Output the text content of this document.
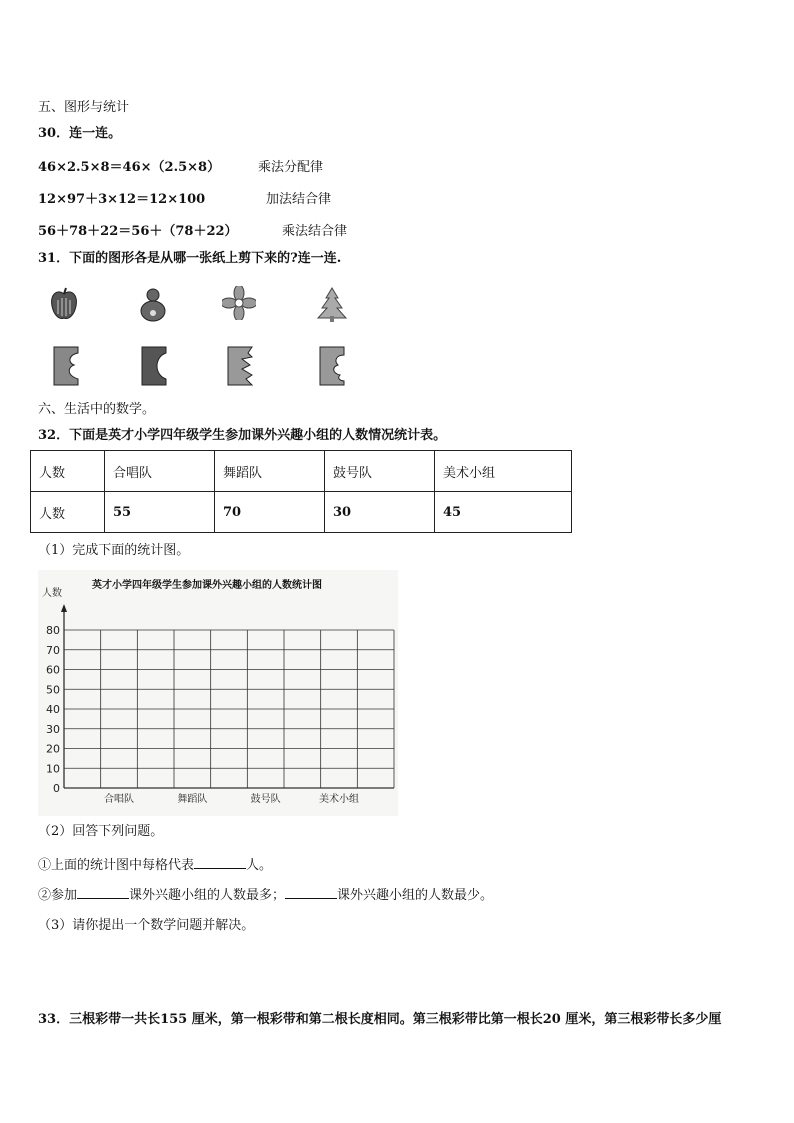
五、图形与统计
30．连一连。
46×2.5×8＝46×（2.5×8）	乘法分配律
12×97＋3×12＝12×100	加法结合律
56＋78＋22＝56＋（78＋22）	乘法结合律
31．下面的图形各是从哪一张纸上剪下来的?连一连.
六、生活中的数学。
32．下面是英才小学四年级学生参加课外兴趣小组的人数情况统计表。
人数	合唱队	舞蹈队	鼓号队	美术小组
人数	55	70	30	45
（1）完成下面的统计图。
英才小学四年级学生参加课外兴趣小组的人数统计图
人数
0
10
20
30
40
50
60
70
80
合唱队	舞蹈队	鼓号队	美术小组
（2）回答下列问题。
①上面的统计图中每格代表	人。
②参加	课外兴趣小组的人数最多；	课外兴趣小组的人数最少。
（3）请你提出一个数学问题并解决。
33．三根彩带一共长155 厘米，第一根彩带和第二根长度相同。第三根彩带比第一根长20 厘米，第三根彩带长多少厘
